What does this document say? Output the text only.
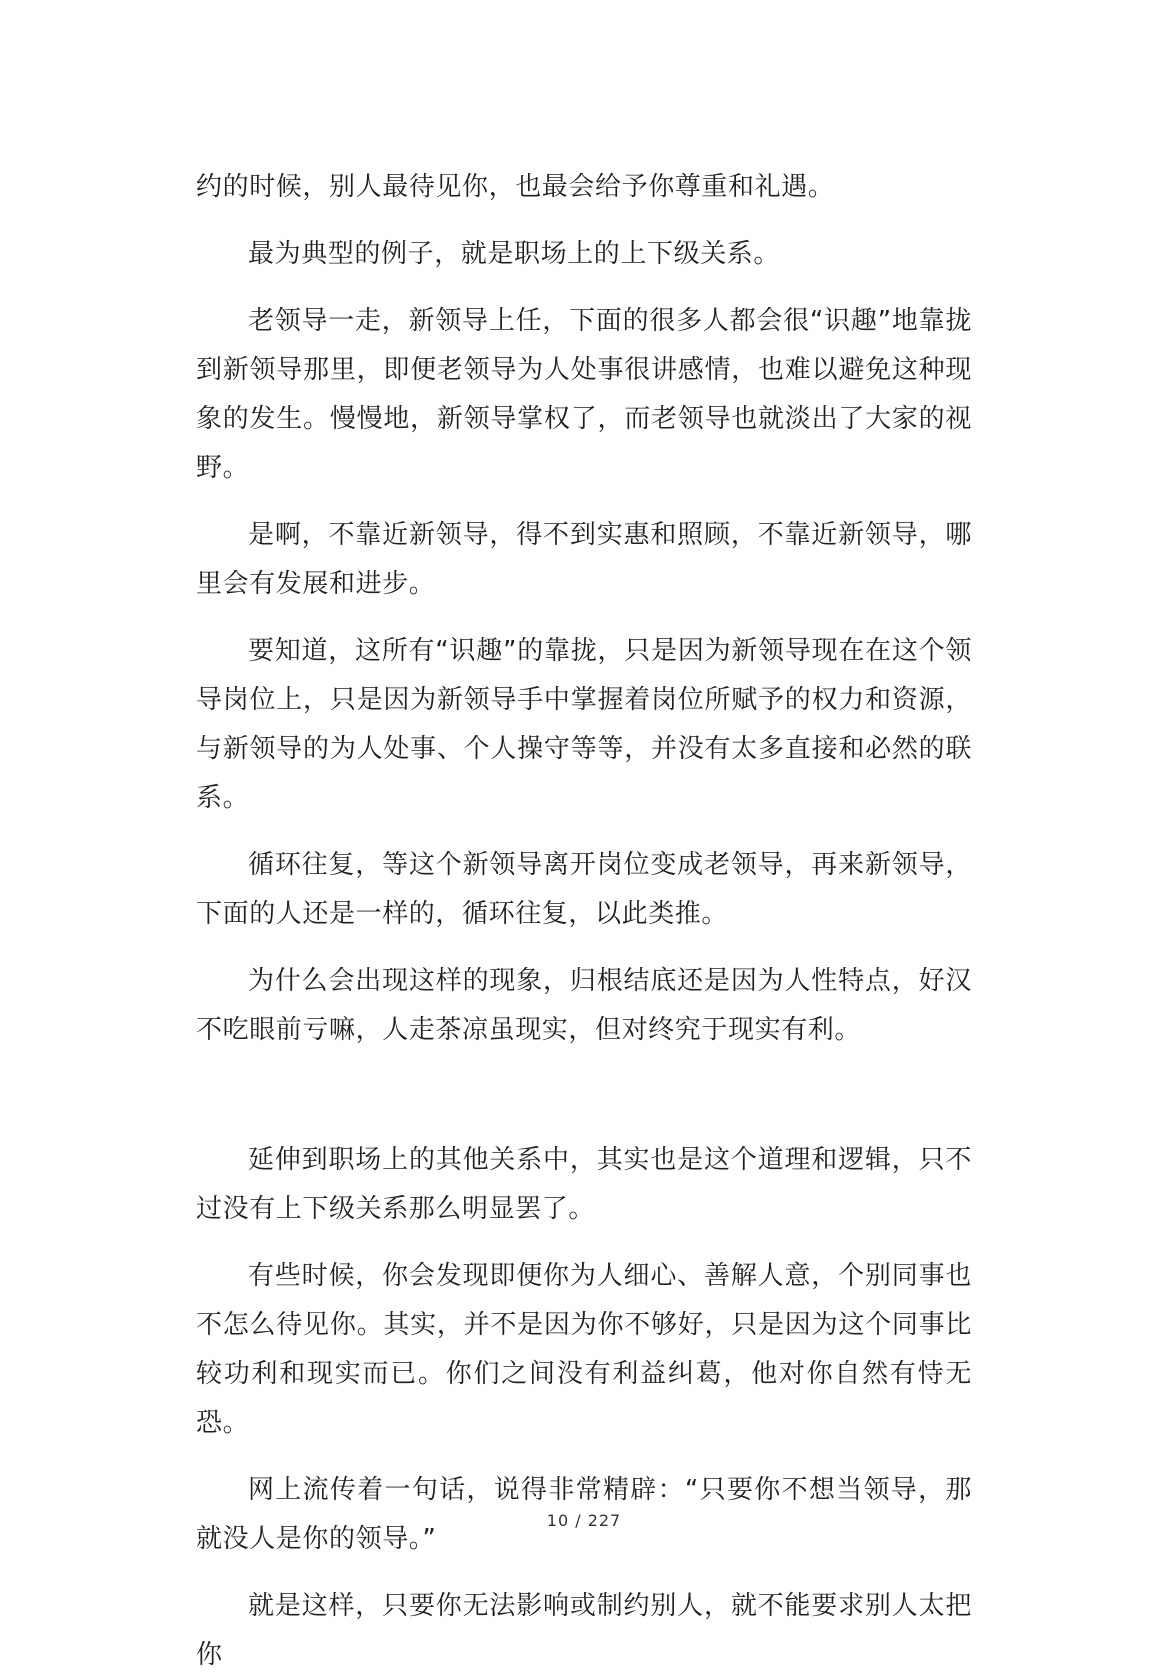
约的时候，别人最待见你，也最会给予你尊重和礼遇。

最为典型的例子，就是职场上的上下级关系。

老领导一走，新领导上任，下面的很多人都会很“识趣”地靠拢到新领导那里，即便老领导为人处事很讲感情，也难以避免这种现象的发生。慢慢地，新领导掌权了，而老领导也就淡出了大家的视野。

是啊，不靠近新领导，得不到实惠和照顾，不靠近新领导，哪里会有发展和进步。

要知道，这所有“识趣”的靠拢，只是因为新领导现在在这个领导岗位上，只是因为新领导手中掌握着岗位所赋予的权力和资源，与新领导的为人处事、个人操守等等，并没有太多直接和必然的联系。

循环往复，等这个新领导离开岗位变成老领导，再来新领导，下面的人还是一样的，循环往复，以此类推。

为什么会出现这样的现象，归根结底还是因为人性特点，好汉不吃眼前亏嘛，人走茶凉虽现实，但对终究于现实有利。

延伸到职场上的其他关系中，其实也是这个道理和逻辑，只不过没有上下级关系那么明显罢了。

有些时候，你会发现即便你为人细心、善解人意，个别同事也不怎么待见你。其实，并不是因为你不够好，只是因为这个同事比较功利和现实而已。你们之间没有利益纠葛，他对你自然有恃无恐。

网上流传着一句话，说得非常精辟：“只要你不想当领导，那就没人是你的领导。”

就是这样，只要你无法影响或制约别人，就不能要求别人太把你

10 / 227
